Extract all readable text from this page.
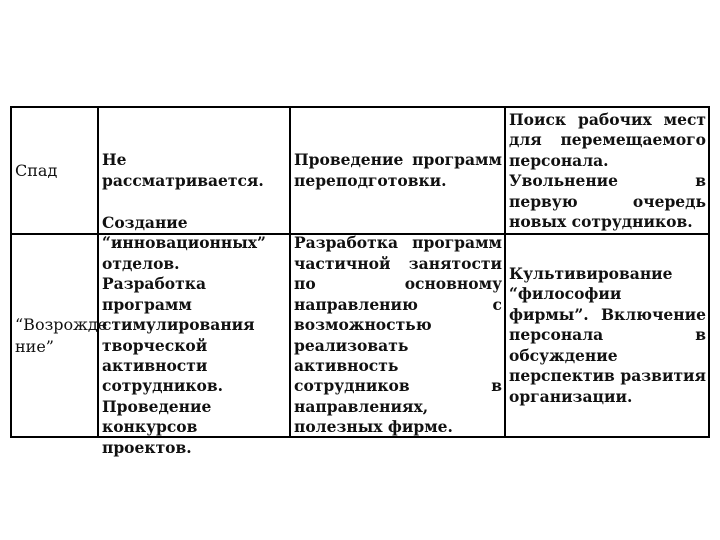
Спад
Не рассматривается.
Проведение программ переподготовки.
Поиск рабочих мест для перемещаемого персонала. Увольнение в первую очередь новых сотрудников.
“Возрожде ние”
Создание “инновационных” отделов. Разработка программ стимулирования творческой активности сотрудников. Проведение конкурсов проектов.
Разработка программ частичной занятости по основному направлению с возможностью реализовать активность сотрудников в направлениях, полезных фирме.
Культивирование “философии фирмы”. Включение персонала в обсуждение перспектив развития организации.
